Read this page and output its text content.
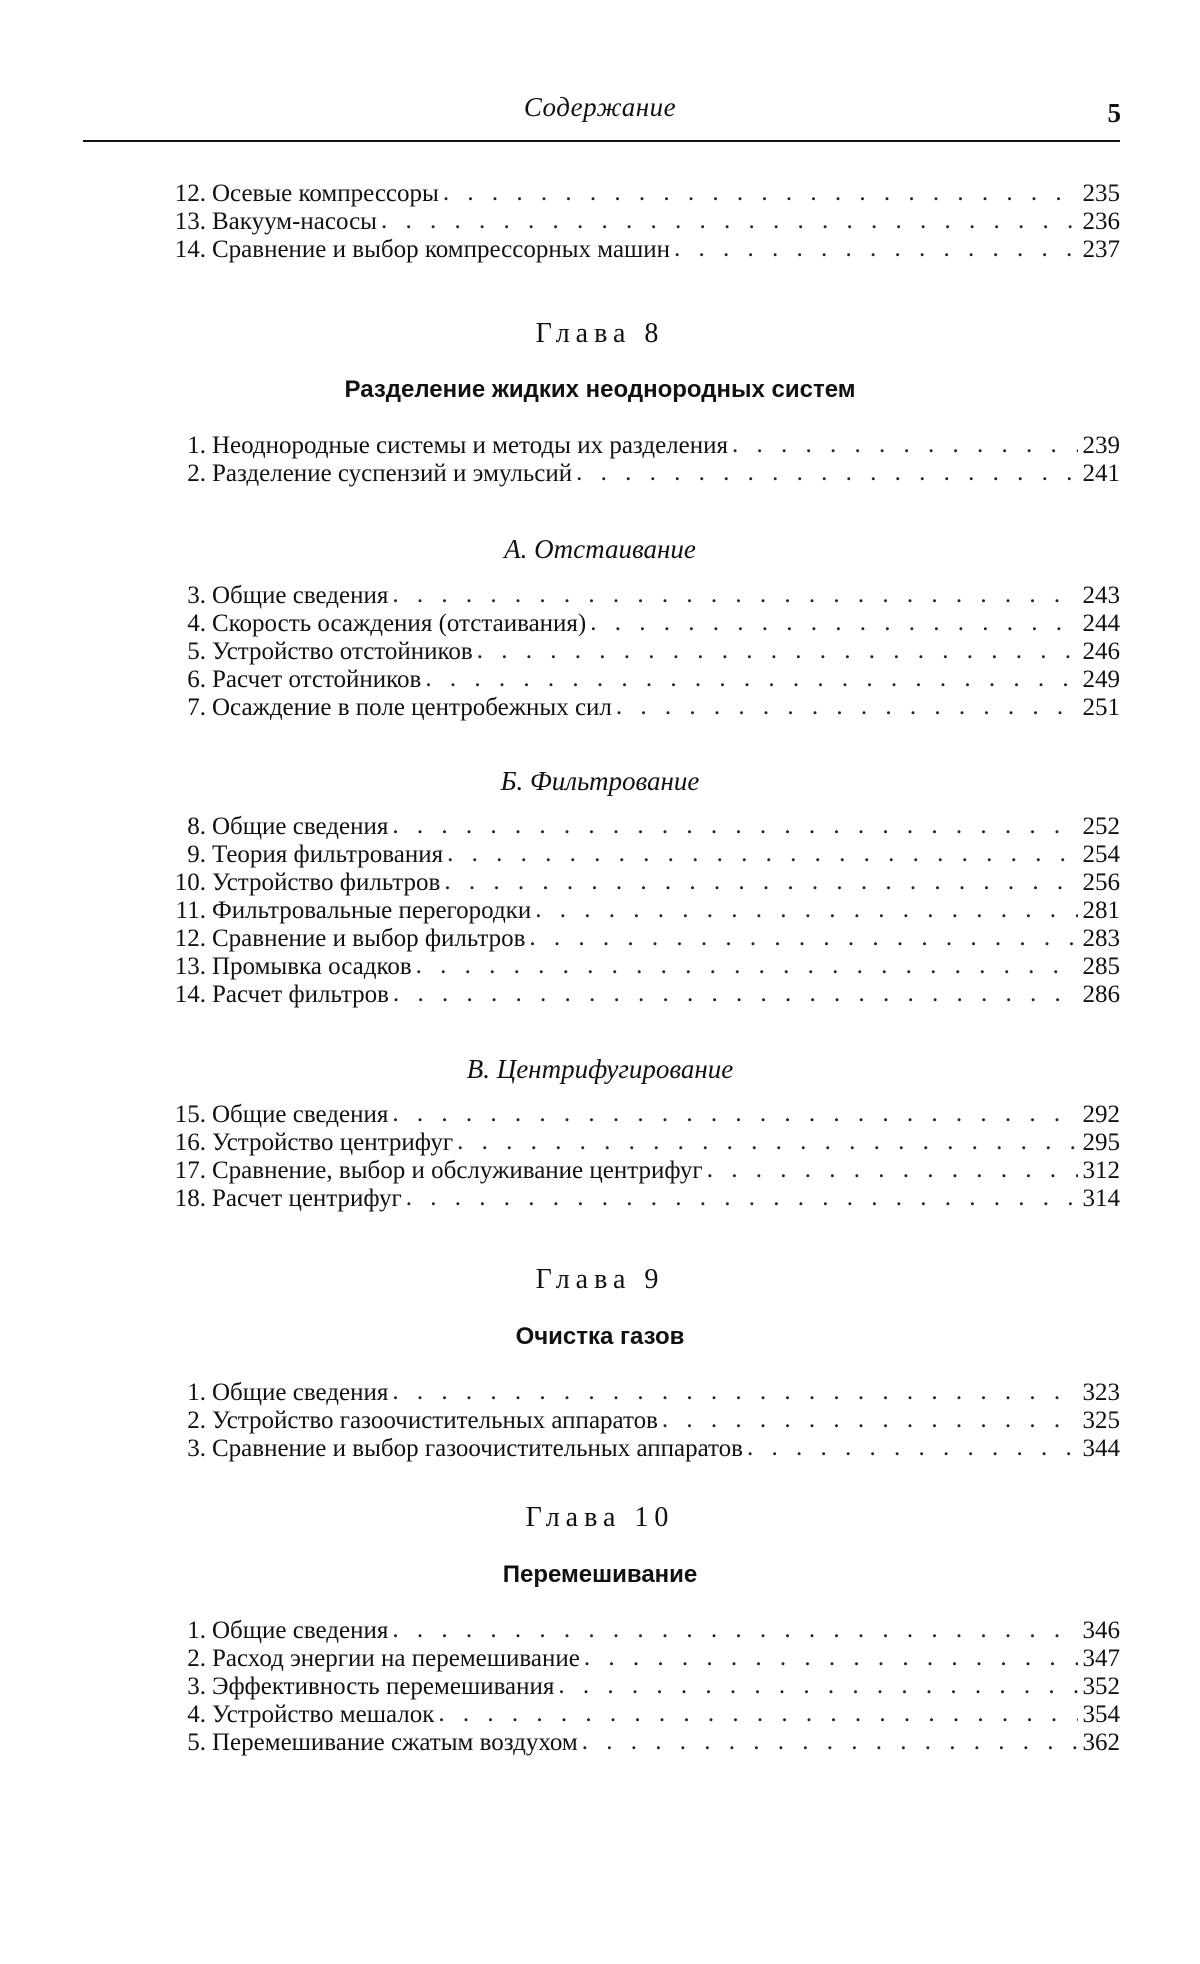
Содержание	5
12. Осевые компрессоры . . .	235
13. Вакуум-насосы . . .	236
14. Сравнение и выбор компрессорных машин . . .	237
Глава 8
Разделение жидких неоднородных систем
1. Неоднородные системы и методы их разделения . . .	239
2. Разделение суспензий и эмульсий . . .	241
А. Отстаивание
3. Общие сведения . . .	243
4. Скорость осаждения (отстаивания) . . .	244
5. Устройство отстойников . . .	246
6. Расчет отстойников . . .	249
7. Осаждение в поле центробежных сил . . .	251
Б. Фильтрование
8. Общие сведения . . .	252
9. Теория фильтрования . . .	254
10. Устройство фильтров . . .	256
11. Фильтровальные перегородки . . .	281
12. Сравнение и выбор фильтров . . .	283
13. Промывка осадков . . .	285
14. Расчет фильтров . . .	286
В. Центрифугирование
15. Общие сведения . . .	292
16. Устройство центрифуг . . .	295
17. Сравнение, выбор и обслуживание центрифуг . . .	312
18. Расчет центрифуг . . .	314
Глава 9
Очистка газов
1. Общие сведения . . .	323
2. Устройство газоочистительных аппаратов . . .	325
3. Сравнение и выбор газоочистительных аппаратов . . .	344
Глава 10
Перемешивание
1. Общие сведения . . .	346
2. Расход энергии на перемешивание . . .	347
3. Эффективность перемешивания . . .	352
4. Устройство мешалок . . .	354
5. Перемешивание сжатым воздухом . . .	362
